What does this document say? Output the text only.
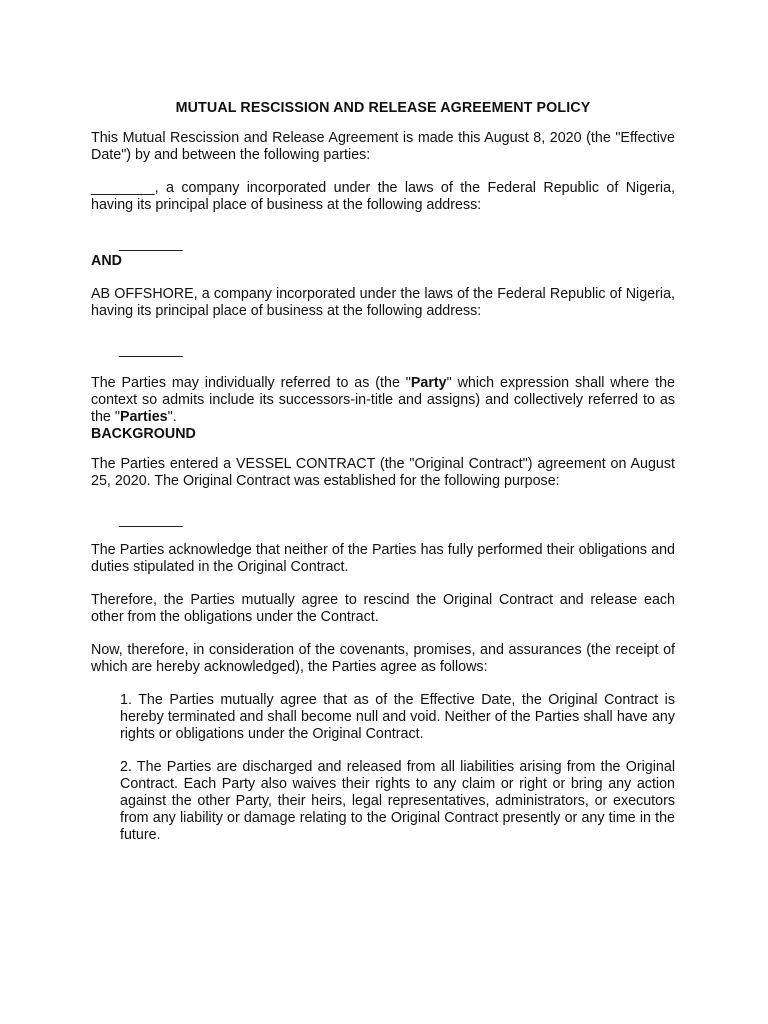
MUTUAL RESCISSION AND RELEASE AGREEMENT POLICY

This Mutual Rescission and Release Agreement is made this August 8, 2020 (the "Effective Date") by and between the following parties:

________, a company incorporated under the laws of the Federal Republic of Nigeria, having its principal place of business at the following address:

________

AND

AB OFFSHORE, a company incorporated under the laws of the Federal Republic of Nigeria, having its principal place of business at the following address:

________

The Parties may individually referred to as (the "Party" which expression shall where the context so admits include its successors-in-title and assigns) and collectively referred to as the "Parties".

BACKGROUND

The Parties entered a VESSEL CONTRACT (the "Original Contract") agreement on August 25, 2020. The Original Contract was established for the following purpose:

________

The Parties acknowledge that neither of the Parties has fully performed their obligations and duties stipulated in the Original Contract.

Therefore, the Parties mutually agree to rescind the Original Contract and release each other from the obligations under the Contract.

Now, therefore, in consideration of the covenants, promises, and assurances (the receipt of which are hereby acknowledged), the Parties agree as follows:

1. The Parties mutually agree that as of the Effective Date, the Original Contract is hereby terminated and shall become null and void. Neither of the Parties shall have any rights or obligations under the Original Contract.

2. The Parties are discharged and released from all liabilities arising from the Original Contract. Each Party also waives their rights to any claim or right or bring any action against the other Party, their heirs, legal representatives, administrators, or executors from any liability or damage relating to the Original Contract presently or any time in the future.
